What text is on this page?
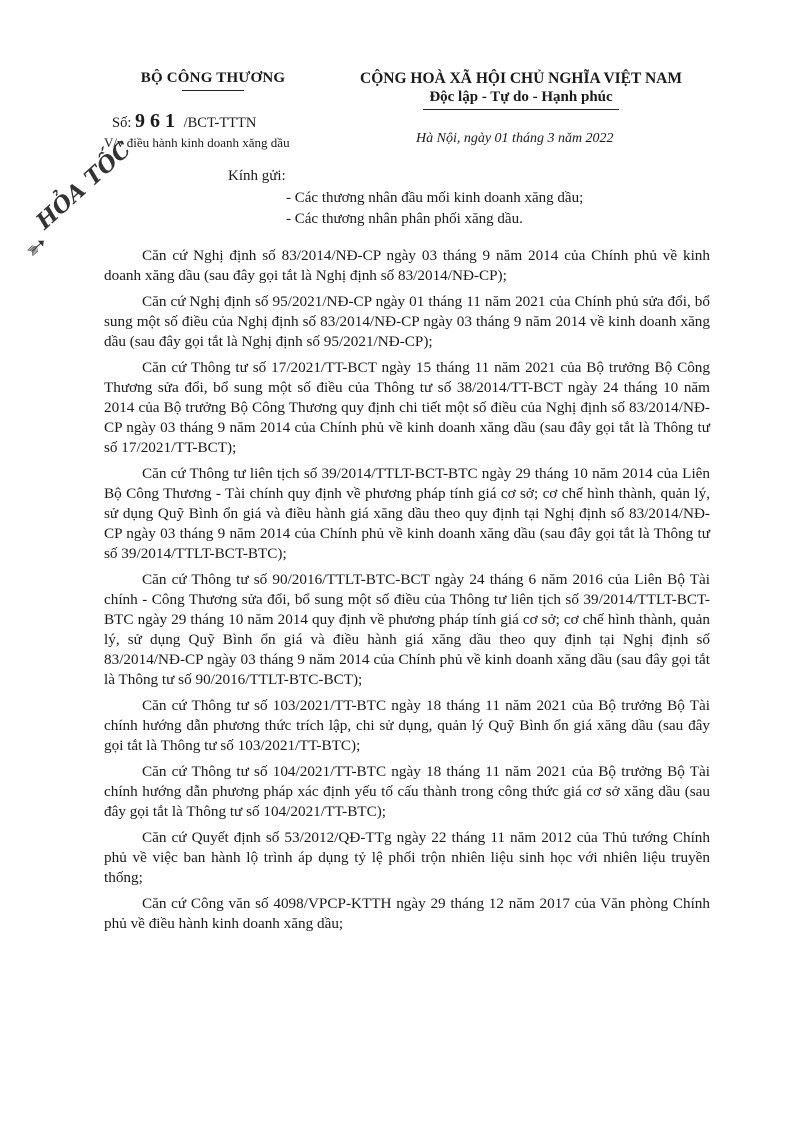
BỘ CÔNG THƯƠNG
Số: 961 /BCT-TTTN
V/v điều hành kinh doanh xăng dầu
CỘNG HOÀ XÃ HỘI CHỦ NGHĨA VIỆT NAM
Độc lập - Tự do - Hạnh phúc
Hà Nội, ngày 01 tháng 3 năm 2022
➳
HỎA TỐC	Kính gửi:
- Các thương nhân đầu mối kinh doanh xăng dầu;
- Các thương nhân phân phối xăng dầu.

Căn cứ Nghị định số 83/2014/NĐ-CP ngày 03 tháng 9 năm 2014 của Chính phủ về kinh doanh xăng dầu (sau đây gọi tắt là Nghị định số 83/2014/NĐ-CP);

Căn cứ Nghị định số 95/2021/NĐ-CP ngày 01 tháng 11 năm 2021 của Chính phủ sửa đổi, bổ sung một số điều của Nghị định số 83/2014/NĐ-CP ngày 03 tháng 9 năm 2014 về kinh doanh xăng dầu (sau đây gọi tắt là Nghị định số 95/2021/NĐ-CP);

Căn cứ Thông tư số 17/2021/TT-BCT ngày 15 tháng 11 năm 2021 của Bộ trưởng Bộ Công Thương sửa đổi, bổ sung một số điều của Thông tư số 38/2014/TT-BCT ngày 24 tháng 10 năm 2014 của Bộ trưởng Bộ Công Thương quy định chi tiết một số điều của Nghị định số 83/2014/NĐ-CP ngày 03 tháng 9 năm 2014 của Chính phủ về kinh doanh xăng dầu (sau đây gọi tắt là Thông tư số 17/2021/TT-BCT);

Căn cứ Thông tư liên tịch số 39/2014/TTLT-BCT-BTC ngày 29 tháng 10 năm 2014 của Liên Bộ Công Thương - Tài chính quy định về phương pháp tính giá cơ sở; cơ chế hình thành, quản lý, sử dụng Quỹ Bình ổn giá và điều hành giá xăng dầu theo quy định tại Nghị định số 83/2014/NĐ-CP ngày 03 tháng 9 năm 2014 của Chính phủ về kinh doanh xăng dầu (sau đây gọi tắt là Thông tư số 39/2014/TTLT-BCT-BTC);

Căn cứ Thông tư số 90/2016/TTLT-BTC-BCT ngày 24 tháng 6 năm 2016 của Liên Bộ Tài chính - Công Thương sửa đổi, bổ sung một số điều của Thông tư liên tịch số 39/2014/TTLT-BCT-BTC ngày 29 tháng 10 năm 2014 quy định về phương pháp tính giá cơ sở; cơ chế hình thành, quản lý, sử dụng Quỹ Bình ổn giá và điều hành giá xăng dầu theo quy định tại Nghị định số 83/2014/NĐ-CP ngày 03 tháng 9 năm 2014 của Chính phủ về kinh doanh xăng dầu (sau đây gọi tắt là Thông tư số 90/2016/TTLT-BTC-BCT);

Căn cứ Thông tư số 103/2021/TT-BTC ngày 18 tháng 11 năm 2021 của Bộ trưởng Bộ Tài chính hướng dẫn phương thức trích lập, chi sử dụng, quản lý Quỹ Bình ổn giá xăng dầu (sau đây gọi tắt là Thông tư số 103/2021/TT-BTC);

Căn cứ Thông tư số 104/2021/TT-BTC ngày 18 tháng 11 năm 2021 của Bộ trưởng Bộ Tài chính hướng dẫn phương pháp xác định yếu tố cấu thành trong công thức giá cơ sở xăng dầu (sau đây gọi tắt là Thông tư số 104/2021/TT-BTC);

Căn cứ Quyết định số 53/2012/QĐ-TTg ngày 22 tháng 11 năm 2012 của Thủ tướng Chính phủ về việc ban hành lộ trình áp dụng tỷ lệ phối trộn nhiên liệu sinh học với nhiên liệu truyền thống;

Căn cứ Công văn số 4098/VPCP-KTTH ngày 29 tháng 12 năm 2017 của Văn phòng Chính phủ về điều hành kinh doanh xăng dầu;
